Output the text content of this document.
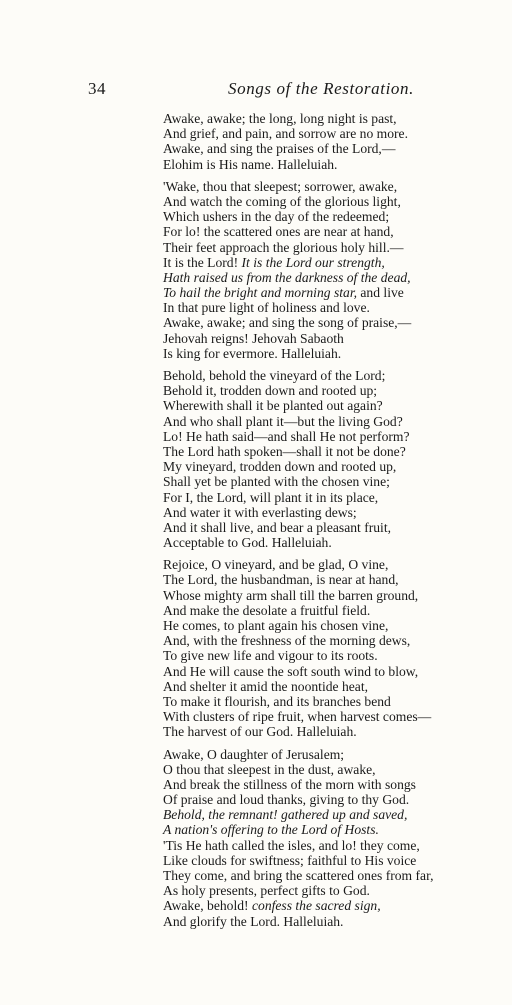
34	Songs of the Restoration.
Awake, awake; the long, long night is past,
And grief, and pain, and sorrow are no more.
Awake, and sing the praises of the Lord,—
Elohim is His name. Halleluiah.
'Wake, thou that sleepest; sorrower, awake,
And watch the coming of the glorious light,
Which ushers in the day of the redeemed;
For lo! the scattered ones are near at hand,
Their feet approach the glorious holy hill.—
It is the Lord! It is the Lord our strength,
Hath raised us from the darkness of the dead,
To hail the bright and morning star, and live
In that pure light of holiness and love.
Awake, awake; and sing the song of praise,—
Jehovah reigns! Jehovah Sabaoth
Is king for evermore. Halleluiah.
Behold, behold the vineyard of the Lord;
Behold it, trodden down and rooted up;
Wherewith shall it be planted out again?
And who shall plant it—but the living God?
Lo! He hath said—and shall He not perform?
The Lord hath spoken—shall it not be done?
My vineyard, trodden down and rooted up,
Shall yet be planted with the chosen vine;
For I, the Lord, will plant it in its place,
And water it with everlasting dews;
And it shall live, and bear a pleasant fruit,
Acceptable to God. Halleluiah.
Rejoice, O vineyard, and be glad, O vine,
The Lord, the husbandman, is near at hand,
Whose mighty arm shall till the barren ground,
And make the desolate a fruitful field.
He comes, to plant again his chosen vine,
And, with the freshness of the morning dews,
To give new life and vigour to its roots.
And He will cause the soft south wind to blow,
And shelter it amid the noontide heat,
To make it flourish, and its branches bend
With clusters of ripe fruit, when harvest comes—
The harvest of our God. Halleluiah.
Awake, O daughter of Jerusalem;
O thou that sleepest in the dust, awake,
And break the stillness of the morn with songs
Of praise and loud thanks, giving to thy God.
Behold, the remnant! gathered up and saved,
A nation's offering to the Lord of Hosts.
'Tis He hath called the isles, and lo! they come,
Like clouds for swiftness; faithful to His voice
They come, and bring the scattered ones from far,
As holy presents, perfect gifts to God.
Awake, behold! confess the sacred sign,
And glorify the Lord. Halleluiah.
